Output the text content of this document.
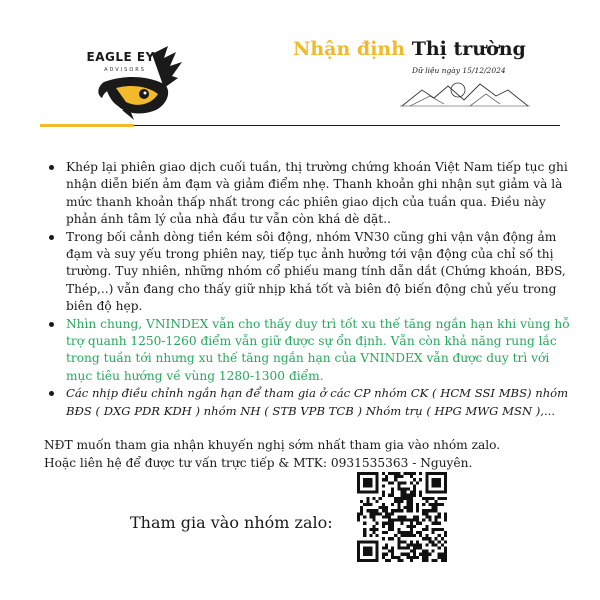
EAGLE EYE
ADVISORS
Nhận định Thị trường
Dữ liệu ngày 15/12/2024
Khép lại phiên giao dịch cuối tuần, thị trường chứng khoán Việt Nam tiếp tục ghi nhận diễn biến ảm đạm và giảm điểm nhẹ. Thanh khoản ghi nhận sụt giảm và là mức thanh khoản thấp nhất trong các phiên giao dịch của tuần qua. Điều này phản ánh tâm lý của nhà đầu tư vẫn còn khá dè dặt..
Trong bối cảnh dòng tiền kém sôi động, nhóm VN30 cũng ghi vận vận động ảm đạm và suy yếu trong phiên nay, tiếp tục ảnh hưởng tới vận động của chỉ số thị trường. Tuy nhiên, những nhóm cổ phiếu mang tính dẫn dắt (Chứng khoán, BĐS, Thép,..) vẫn đang cho thấy giữ nhịp khá tốt và biên độ biến động chủ yếu trong biên độ hẹp.
Nhìn chung, VNINDEX vẫn cho thấy duy trì tốt xu thế tăng ngắn hạn khi vùng hỗ trợ quanh 1250-1260 điểm vẫn giữ được sự ổn định. Vẫn còn khả năng rung lắc trong tuần tới nhưng xu thế tăng ngắn hạn của VNINDEX vẫn được duy trì với mục tiêu hướng về vùng 1280-1300 điểm.
Các nhịp điều chỉnh ngắn hạn để tham gia ở các CP nhóm CK ( HCM SSI MBS) nhóm BĐS ( DXG PDR KDH ) nhóm NH ( STB VPB TCB ) Nhóm trụ ( HPG MWG MSN ),...
NĐT muốn tham gia nhận khuyến nghị sớm nhất tham gia vào nhóm zalo.
Hoặc liên hệ để được tư vấn trực tiếp & MTK: 0931535363 - Nguyên.
Tham gia vào nhóm zalo:
